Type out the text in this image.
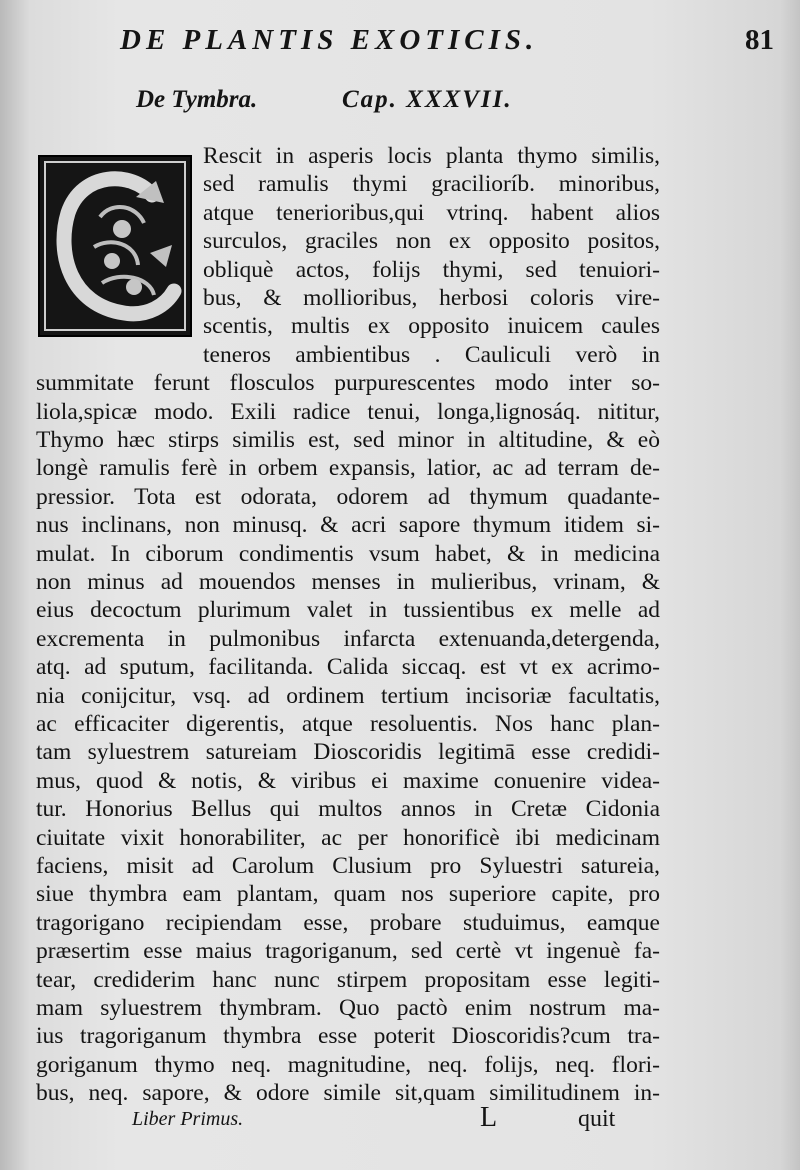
DE PLANTIS EXOTICIS.	81
De Tymbra.	Cap. XXXVII.
Rescit in asperis locis planta thymo similis,
sed ramulis thymi gracilioríb. minoribus,
atque tenerioribus,qui vtrinq. habent alios
surculos, graciles non ex opposito positos,
obliquè actos, folijs thymi, sed tenuiori-
bus, & mollioribus, herbosi coloris vire-
scentis, multis ex opposito inuicem caules
teneros ambientibus . Cauliculi verò in
summitate ferunt flosculos purpurescentes modo inter so-
liola,spicæ modo. Exili radice tenui, longa,lignosáq. nititur,
Thymo hæc stirps similis est, sed minor in altitudine, & eò
longè ramulis ferè in orbem expansis, latior, ac ad terram de-
pressior. Tota est odorata, odorem ad thymum quadante-
nus inclinans, non minusq. & acri sapore thymum itidem si-
mulat. In ciborum condimentis vsum habet, & in medicina
non minus ad mouendos menses in mulieribus, vrinam, &
eius decoctum plurimum valet in tussientibus ex melle ad
excrementa in pulmonibus infarcta extenuanda,detergenda,
atq. ad sputum, facilitanda. Calida siccaq. est vt ex acrimo-
nia conijcitur, vsq. ad ordinem tertium incisoriæ facultatis,
ac efficaciter digerentis, atque resoluentis. Nos hanc plan-
tam syluestrem satureiam Dioscoridis legitimā esse credidi-
mus, quod & notis, & viribus ei maxime conuenire videa-
tur. Honorius Bellus qui multos annos in Cretæ Cidonia
ciuitate vixit honorabiliter, ac per honorificè ibi medicinam
faciens, misit ad Carolum Clusium pro Syluestri satureia,
siue thymbra eam plantam, quam nos superiore capite, pro
tragorigano recipiendam esse, probare studuimus, eamque
præsertim esse maius tragoriganum, sed certè vt ingenuè fa-
tear, crediderim hanc nunc stirpem propositam esse legiti-
mam syluestrem thymbram. Quo pactò enim nostrum ma-
ius tragoriganum thymbra esse poterit Dioscoridis?cum tra-
goriganum thymo neq. magnitudine, neq. folijs, neq. flori-
bus, neq. sapore, & odore simile sit,quam similitudinem in-
Liber Primus.	L	quit
